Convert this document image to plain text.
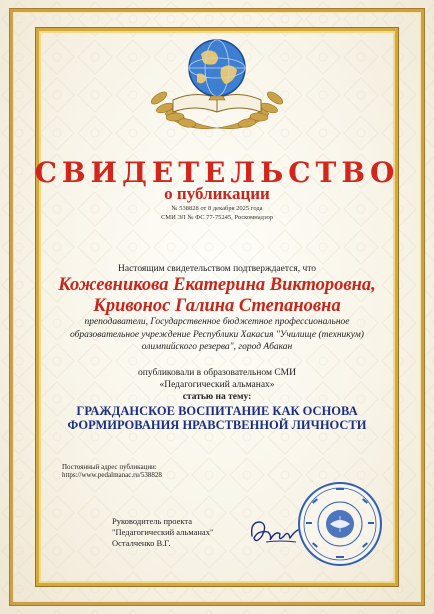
СВИДЕТЕЛЬСТВО
о публикации
№ 538828 от 8 декабря 2025 года
СМИ ЭЛ № ФС 77-75245, Роскомнадзор
Настоящим свидетельством подтверждается, что
Кожевникова Екатерина Викторовна,
Кривонос Галина Степановна
преподаватели, Государственное бюджетное профессиональное образовательное учреждение Республики Хакасия "Училище (техникум) олимпийского резерва", город Абакан
опубликовали в образовательном СМИ
«Педагогический альманах»
статью на тему:
ГРАЖДАНСКОЕ ВОСПИТАНИЕ КАК ОСНОВА
ФОРМИРОВАНИЯ НРАВСТВЕННОЙ ЛИЧНОСТИ
Постоянный адрес публикации:
https://www.pedalmanac.ru/538828
Руководитель проекта
"Педагогический альманах"
Осталченко В.Г.
